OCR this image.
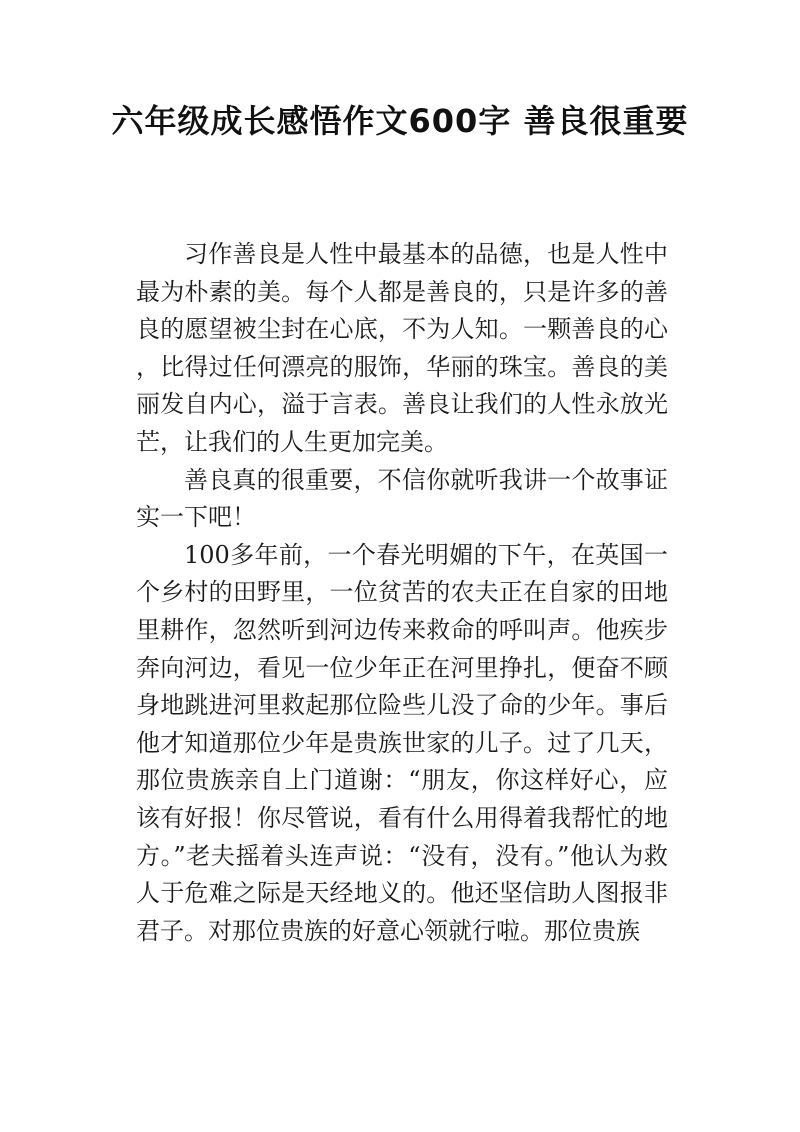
六年级成长感悟作文600字 善良很重要

习作善良是人性中最基本的品德，也是人性中最为朴素的美。每个人都是善良的，只是许多的善良的愿望被尘封在心底，不为人知。一颗善良的心，比得过任何漂亮的服饰，华丽的珠宝。善良的美丽发自内心，溢于言表。善良让我们的人性永放光芒，让我们的人生更加完美。

善良真的很重要，不信你就听我讲一个故事证实一下吧！

100多年前，一个春光明媚的下午，在英国一个乡村的田野里，一位贫苦的农夫正在自家的田地里耕作，忽然听到河边传来救命的呼叫声。他疾步奔向河边，看见一位少年正在河里挣扎，便奋不顾身地跳进河里救起那位险些儿没了命的少年。事后他才知道那位少年是贵族世家的儿子。过了几天，那位贵族亲自上门道谢：“朋友，你这样好心，应该有好报！你尽管说，看有什么用得着我帮忙的地方。”老夫摇着头连声说：“没有，没有。”他认为救人于危难之际是天经地义的。他还坚信助人图报非君子。对那位贵族的好意心领就行啦。那位贵族
